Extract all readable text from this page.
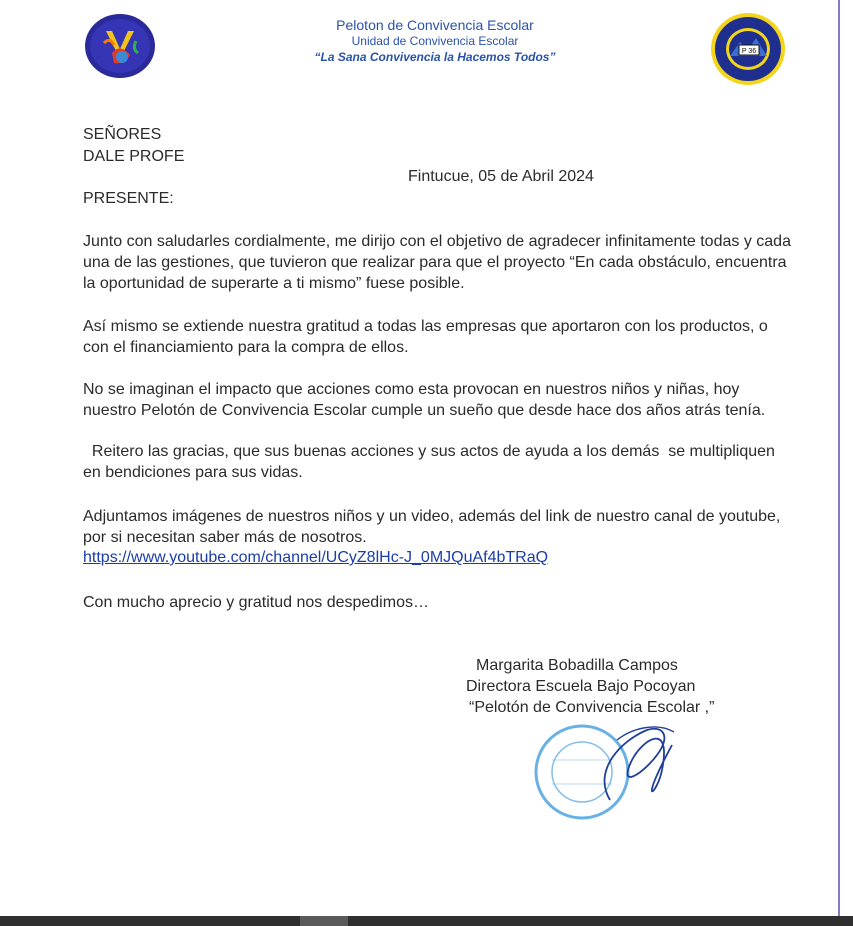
Peloton de Convivencia Escolar
Unidad de Convivencia Escolar
“La Sana Convivencia la Hacemos Todos”	P 36
SEÑORES
DALE PROFE
Fintucue, 05 de Abril 2024
PRESENTE:
Junto con saludarles cordialmente, me dirijo con el objetivo de agradecer infinitamente todas y cada una de las gestiones, que tuvieron que realizar para que el proyecto “En cada obstáculo, encuentra la oportunidad de superarte a ti mismo” fuese posible.
Así mismo se extiende nuestra gratitud a todas las empresas que aportaron con los productos, o con el financiamiento para la compra de ellos.
No se imaginan el impacto que acciones como esta provocan en nuestros niños y niñas, hoy nuestro Pelotón de Convivencia Escolar cumple un sueño que desde hace dos años atrás tenía.
Reitero las gracias, que sus buenas acciones y sus actos de ayuda a los demás  se multipliquen en bendiciones para sus vidas.
Adjuntamos imágenes de nuestros niños y un video, además del link de nuestro canal de youtube, por si necesitan saber más de nosotros.
https://www.youtube.com/channel/UCyZ8lHc-J_0MJQuAf4bTRaQ
Con mucho aprecio y gratitud nos despedimos…
Margarita Bobadilla Campos
Directora Escuela Bajo Pocoyan
“Pelotón de Convivencia Escolar ,”
